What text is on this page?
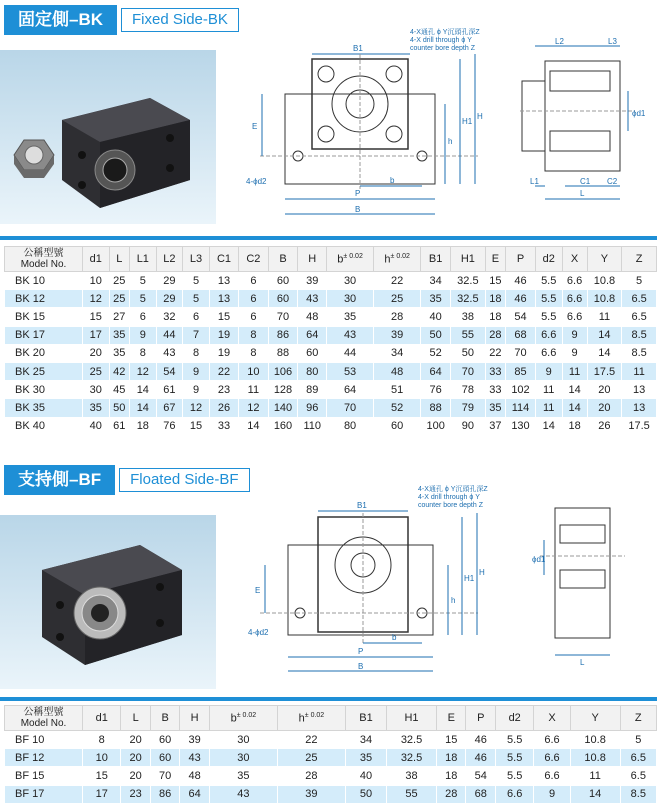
固定側–BK	Fixed Side-BK
4-X通孔 ϕ Y沉頭孔深Z
4-X drill through ϕ Y
counter bore depth Z
B1
P
B
b
E
h
H1
H
4-ϕd2
L2	L3
ϕd1
L1	C1 C2
L
公稱型號
Model No.	d1	L	L1	L2	L3	C1	C2	B	H	$b^{\pm 0.02}$	$h^{\pm 0.02}$	B1	H1	E	P	d2	X	Y	Z
BK 10	10	25	5	29	5	13	6	60	39	30	22	34	32.5	15	46	5.5	6.6	10.8	5
BK 12	12	25	5	29	5	13	6	60	43	30	25	35	32.5	18	46	5.5	6.6	10.8	6.5
BK 15	15	27	6	32	6	15	6	70	48	35	28	40	38	18	54	5.5	6.6	11	6.5
BK 17	17	35	9	44	7	19	8	86	64	43	39	50	55	28	68	6.6	9	14	8.5
BK 20	20	35	8	43	8	19	8	88	60	44	34	52	50	22	70	6.6	9	14	8.5
BK 25	25	42	12	54	9	22	10	106	80	53	48	64	70	33	85	9	11	17.5	11
BK 30	30	45	14	61	9	23	11	128	89	64	51	76	78	33	102	11	14	20	13
BK 35	35	50	14	67	12	26	12	140	96	70	52	88	79	35	114	11	14	20	13
BK 40	40	61	18	76	15	33	14	160	110	80	60	100	90	37	130	14	18	26	17.5
支持側–BF	Floated Side-BF
4-X通孔 ϕ Y沉頭孔深Z
4-X drill through ϕ Y
counter bore depth Z
B1
P
B
b
E
h
H1
H
4-ϕd2
ϕd1
L
公稱型號
Model No.	d1	L	B	H	$b^{\pm 0.02}$	$h^{\pm 0.02}$	B1	H1	E	P	d2	X	Y	Z
BF 10	8	20	60	39	30	22	34	32.5	15	46	5.5	6.6	10.8	5
BF 12	10	20	60	43	30	25	35	32.5	18	46	5.5	6.6	10.8	6.5
BF 15	15	20	70	48	35	28	40	38	18	54	5.5	6.6	11	6.5
BF 17	17	23	86	64	43	39	50	55	28	68	6.6	9	14	8.5
